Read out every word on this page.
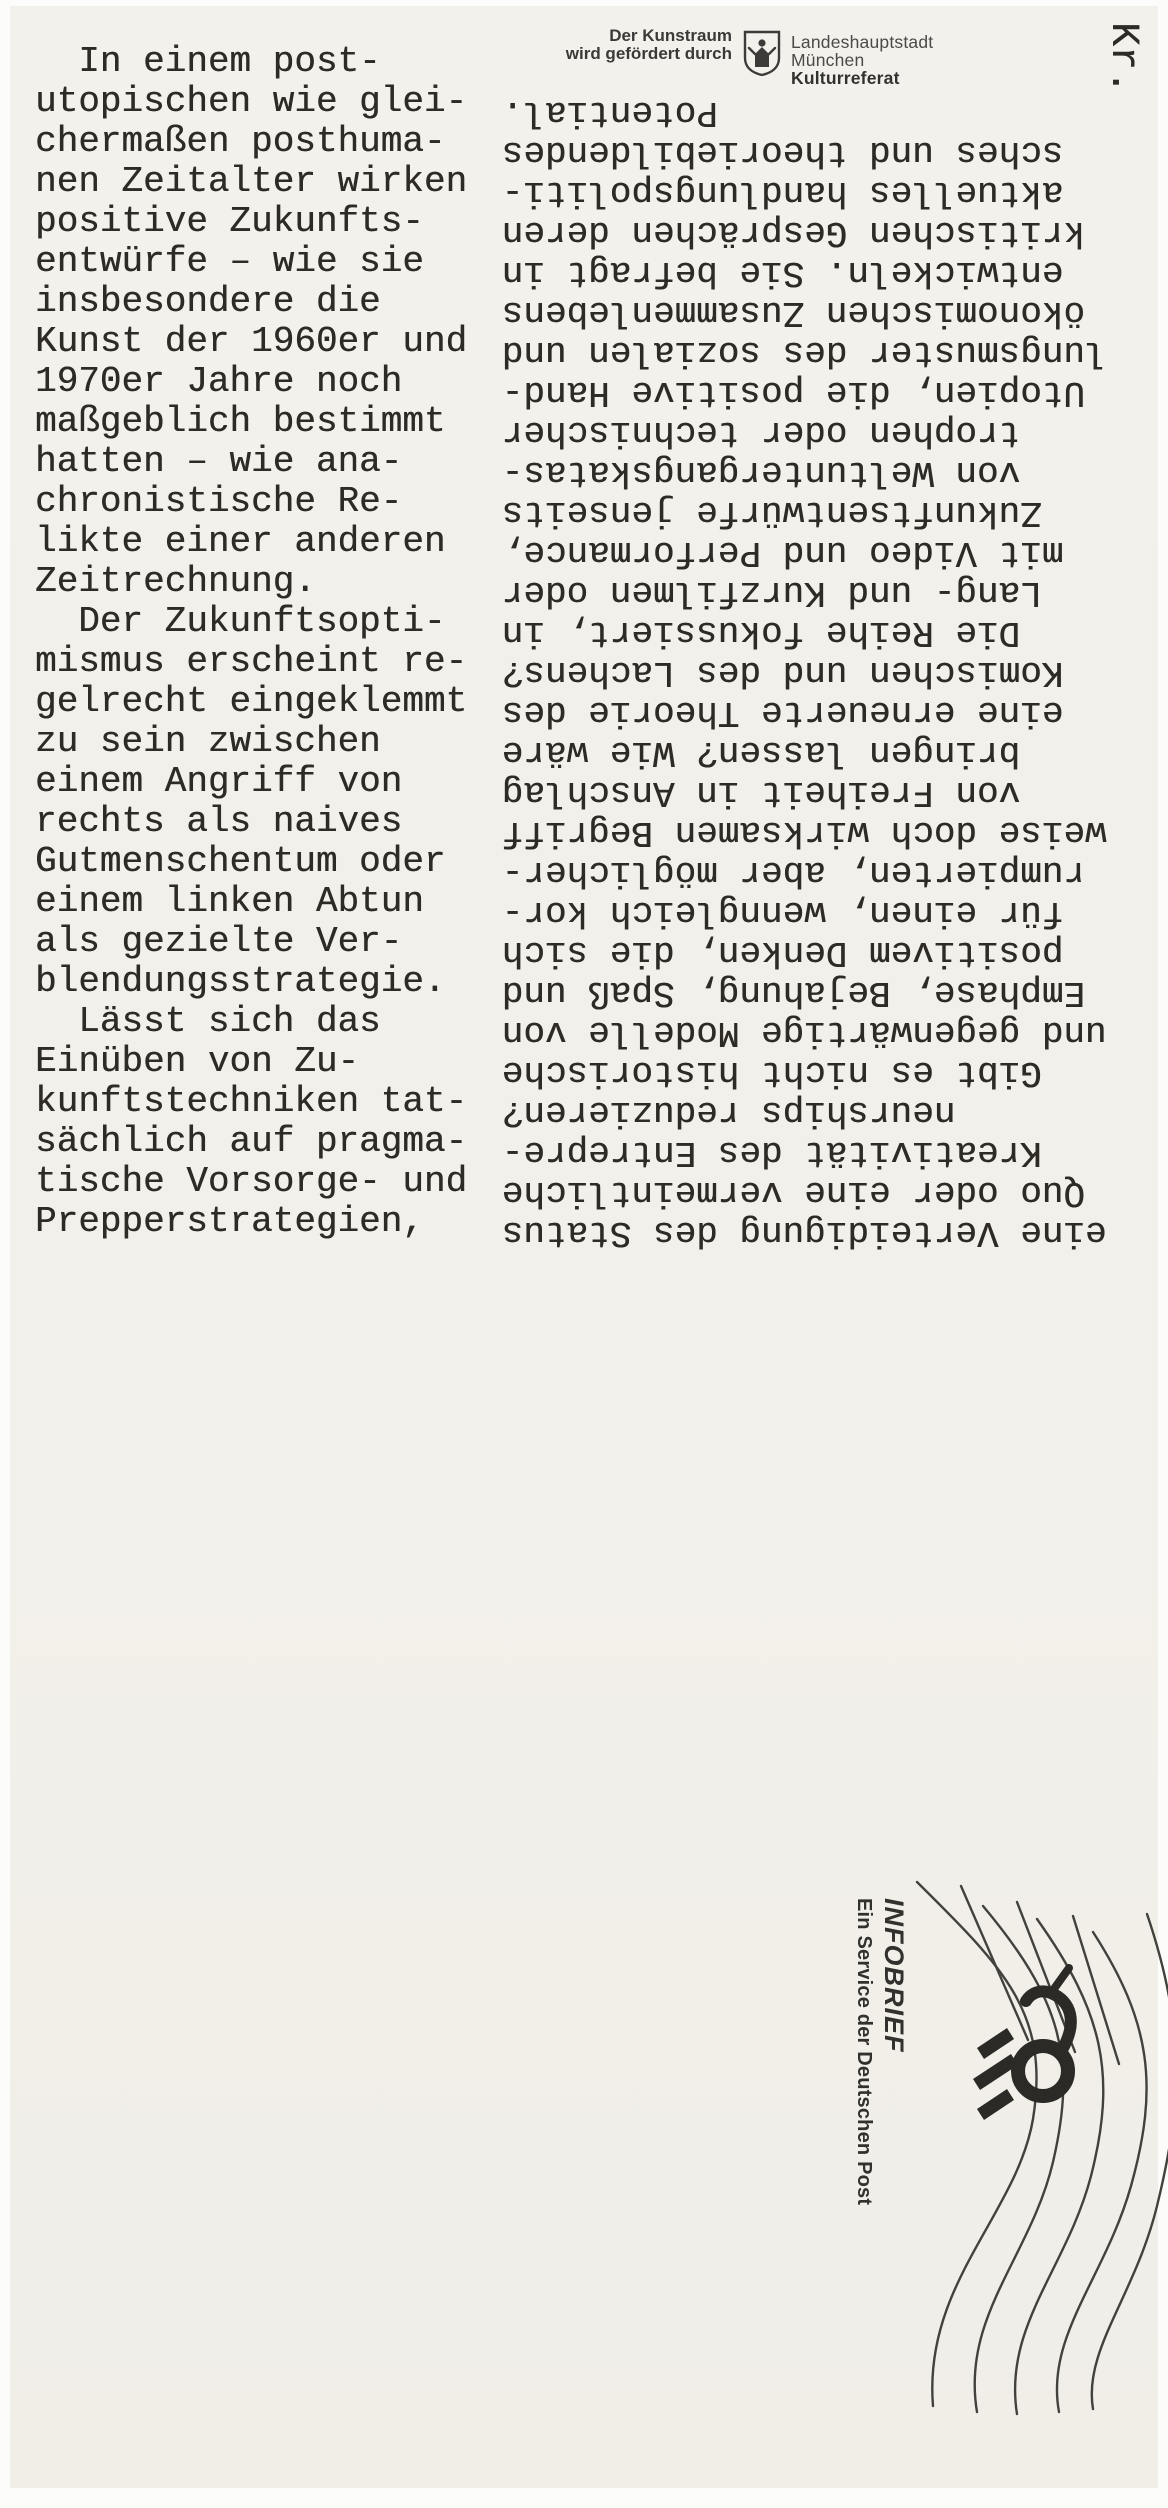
In einem post-
utopischen wie glei-
chermaßen posthuma-
nen Zeitalter wirken
positive Zukunfts-
entwürfe – wie sie
insbesondere die
Kunst der 1960er und
1970er Jahre noch
maßgeblich bestimmt
hatten – wie ana-
chronistische Re-
likte einer anderen
Zeitrechnung.
Der Zukunftsopti-
mismus erscheint re-
gelrecht eingeklemmt
zu sein zwischen
einem Angriff von
rechts als naives
Gutmenschentum oder
einem linken Abtun
als gezielte Ver-
blendungsstrategie.
Lässt sich das
Einüben von Zu-
kunftstechniken tat-
sächlich auf pragma-
tische Vorsorge- und
Prepperstrategien,	eine Verteidigung des Status
Quo oder eine vermeintliche
Kreativität des Entrepre-
neurships reduzieren?
Gibt es nicht historische
und gegenwärtige Modelle von
Emphase, Bejahung, Spaß und
positivem Denken, die sich
für einen, wenngleich kor-
rumpierten, aber möglicher-
weise doch wirksamen Begriff
von Freiheit in Anschlag
bringen lassen? Wie wäre
eine erneuerte Theorie des
Komischen und des Lachens?
Die Reihe fokussiert, in
Lang- und Kurzfilmen oder
mit Video und Performance,
Zukunftsentwürfe jenseits
von Weltuntergangskatas-
trophen oder technischer
Utopien, die positive Hand-
lungsmuster des sozialen und
ökonomischen Zusammenlebens
entwickeln. Sie befragt in
kritischen Gesprächen deren
aktuelles handlungspoliti-
sches und theoriebildendes
Potential.
Der Kunstraum
wird gefördert durch
Landeshauptstadt
München
Kulturreferat	Kr.
INFOBRIEF
Ein Service der Deutschen Post
